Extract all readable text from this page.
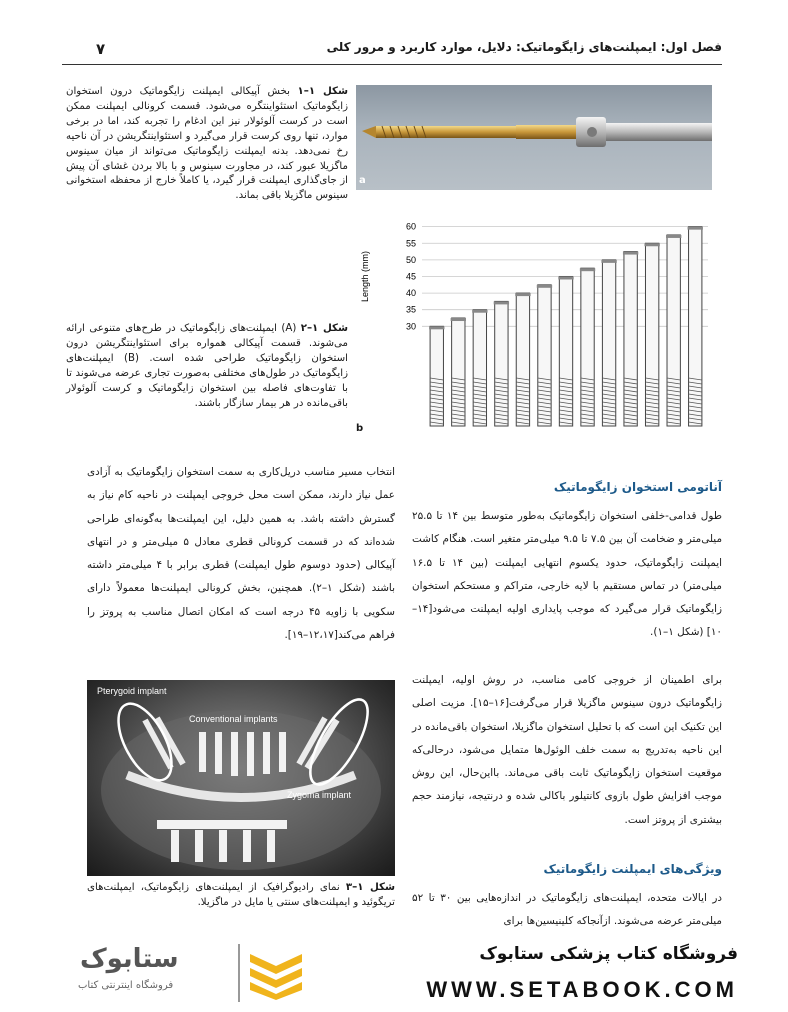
۷	فصل اول: ایمپلنت‌های زایگوماتیک: دلایل، موارد کاربرد و مرور کلی
a
شکل ۱–۱ بخش آپیکالی ایمپلنت زایگوماتیک درون استخوان زایگوماتیک استئواینتگره می‌شود. قسمت کرونالی ایمپلنت ممکن است در کرست آلوئولار نیز این ادغام را تجربه کند، اما در برخی موارد، تنها روی کرست قرار می‌گیرد و استئواینتگریشن در آن ناحیه رخ نمی‌دهد. بدنه ایمپلنت زایگوماتیک می‌تواند از میان سینوس ماگزیلا عبور کند، در مجاورت سینوس و با بالا بردن غشای آن پیش از جای‌گذاری ایمپلنت قرار گیرد، یا کاملاً خارج از محفظه استخوانی سینوس ماگزیلا باقی بماند.
شکل ۱–۲ (A) ایمپلنت‌های زایگوماتیک در طرح‌های متنوعی ارائه می‌شوند. قسمت آپیکالی همواره برای استئواینتگریشن درون استخوان زایگوماتیک طراحی شده است. (B) ایمپلنت‌های زایگوماتیک در طول‌های مختلفی به‌صورت تجاری عرضه می‌شوند تا با تفاوت‌های فاصله بین استخوان زایگوماتیک و کرست آلوئولار باقی‌مانده در هر بیمار سازگار باشند.
Length (mm)
30
35
40
45
50
55
60
b
انتخاب مسیر مناسب دریل‌کاری به سمت استخوان زایگوماتیک به آزادی عمل نیاز دارند، ممکن است محل خروجی ایمپلنت در ناحیه کام نیاز به گسترش داشته باشد. به همین دلیل، این ایمپلنت‌ها به‌گونه‌ای طراحی شده‌اند که در قسمت کرونالی قطری معادل ۵ میلی‌متر و در انتهای آپیکالی (حدود دوسوم طول ایمپلنت) قطری برابر با ۴ میلی‌متر داشته باشند (شکل ۱–۲). همچنین، بخش کرونالی ایمپلنت‌ها معمولاً دارای سکویی با زاویه ۴۵ درجه است که امکان اتصال مناسب به پروتز را فراهم می‌کند[۱۲،۱۷–۱۹].
Pterygoid implant
Conventional implants
Zygoma implant
شکل ۱–۳ نمای رادیوگرافیک از ایمپلنت‌های زایگوماتیک، ایمپلنت‌های تریگوئید و ایمپلنت‌های سنتی یا مایل در ماگزیلا.
آناتومی استخوان زایگوماتیک
طول قدامی-خلفی استخوان زایگوماتیک به‌طور متوسط بین ۱۴ تا ۲۵.۵ میلی‌متر و ضخامت آن بین ۷.۵ تا ۹.۵ میلی‌متر متغیر است. هنگام کاشت ایمپلنت زایگوماتیک، حدود یکسوم انتهایی ایمپلنت (بین ۱۴ تا ۱۶.۵ میلی‌متر) در تماس مستقیم با لایه خارجی، متراکم و مستحکم استخوان زایگوماتیک قرار می‌گیرد که موجب پایداری اولیه ایمپلنت می‌شود[۱۴–۱۰] (شکل ۱–۱).
برای اطمینان از خروجی کامی مناسب، در روش اولیه، ایمپلنت زایگوماتیک درون سینوس ماگزیلا قرار می‌گرفت[۱۶–۱۵]. مزیت اصلی این تکنیک این است که با تحلیل استخوان ماگزیلا، استخوان باقی‌مانده در این ناحیه به‌تدریج به سمت خلف الوئول‌ها متمایل می‌شود، درحالی‌که موقعیت استخوان زایگوماتیک ثابت باقی می‌ماند. بااین‌حال، این روش موجب افزایش طول بازوی کانتیلور باکالی شده و درنتیجه، نیازمند حجم بیشتری از پروتز است.
ویژگی‌های ایمپلنت زایگوماتیک
در ایالات متحده، ایمپلنت‌های زایگوماتیک در اندازه‌هایی بین ۳۰ تا ۵۲ میلی‌متر عرضه می‌شوند. ازآنجاکه کلینیسین‌ها برای
ستابوک
فروشگاه اینترنتی کتاب
فروشگاه کتاب پزشکی ستابوک
WWW.SETABOOK.COM
